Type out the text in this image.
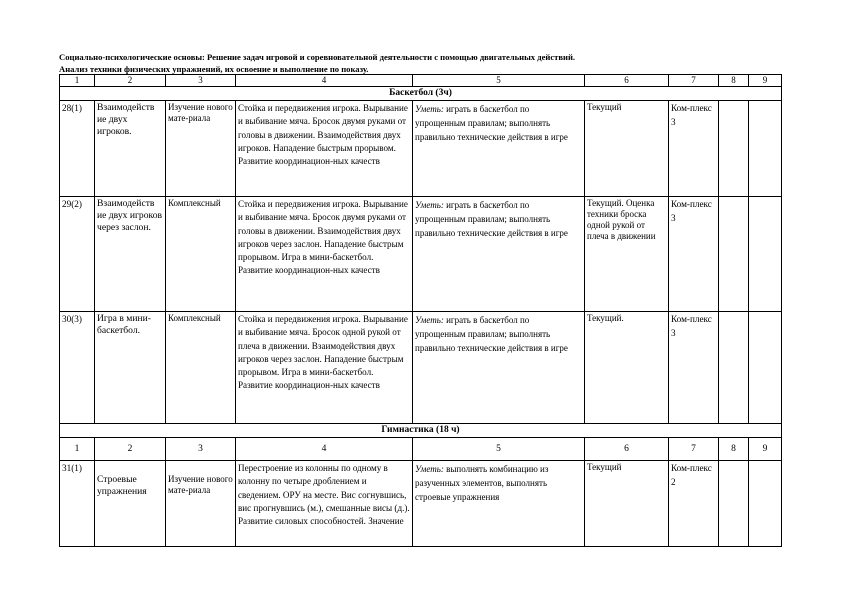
Социально-психологические основы: Решение задач игровой и соревновательной деятельности с помощью двигательных действий.
Анализ техники физических упражнений, их освоение и выполнение по показу.
1	2	3	4	5	6	7	8	9
Баскетбол (3ч)								
28(1)	Взаимодейств ие двух игроков.	Изучение нового мате-риала	Стойка и передвижения игрока. Вырывание и выбивание мяча. Бросок двумя руками от головы в движении. Взаимодействия двух игроков. Нападение быстрым прорывом. Развитие координацион-ных качеств	Уметь: играть в баскетбол по упрощенным правилам; выполнять правильно технические действия в игре	Текущий	Ком-плекс 3		
29(2)	Взаимодейств ие двух игроков через заслон.	Комплексный	Стойка и передвижения игрока. Вырывание и выбивание мяча. Бросок двумя руками от головы в движении. Взаимодействия двух игроков через заслон. Нападение быстрым прорывом. Игра в мини-баскетбол. Развитие координацион-ных качеств	Уметь: играть в баскетбол по упрощенным правилам; выполнять правильно технические действия в игре	Текущий. Оценка техники броска одной рукой от плеча в движении	Ком-плекс 3		
30(3)	Игра в мини-баскетбол.	Комплексный	Стойка и передвижения игрока. Вырывание и выбивание мяча. Бросок одной рукой от плеча в движении. Взаимодействия двух игроков через заслон. Нападение быстрым прорывом. Игра в мини-баскетбол. Развитие координацион-ных качеств	Уметь: играть в баскетбол по упрощенным правилам; выполнять правильно технические действия в игре	Текущий.	Ком-плекс 3		
Гимнастика (18 ч)								
1	2	3	4	5	6	7	8	9
31(1)	Строевые упражнения	Изучение нового мате-риала	Перестроение из колонны по одному в колонну по четыре дроблением и сведением. ОРУ на месте. Вис согнувшись, вис прогнувшись (м.), смешанные висы (д.). Развитие силовых способностей. Значение	Уметь: выполнять комбинацию из разученных элементов, выполнять строевые упражнения	Текущий	Ком-плекс 2		
